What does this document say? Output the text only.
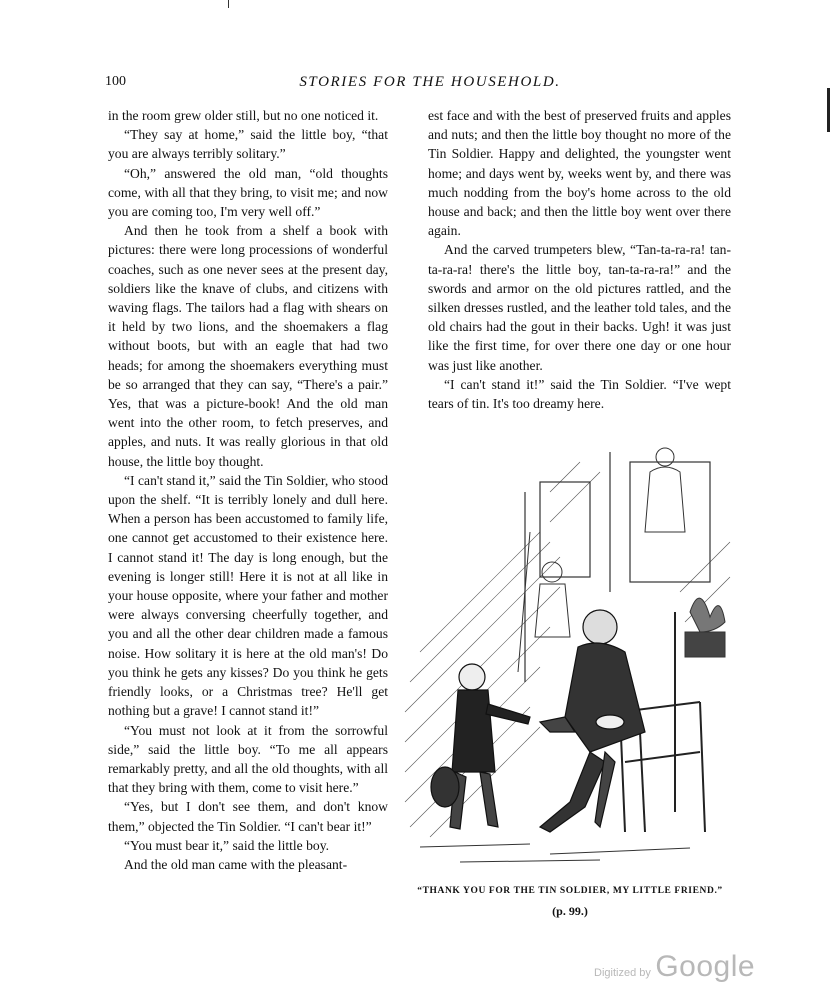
100	STORIES FOR THE HOUSEHOLD.

in the room grew older still, but no one noticed it.

“They say at home,” said the little boy, “that you are always terribly solitary.”

“Oh,” answered the old man, “old thoughts come, with all that they bring, to visit me; and now you are coming too, I'm very well off.”

And then he took from a shelf a book with pictures: there were long processions of wonderful coaches, such as one never sees at the present day, soldiers like the knave of clubs, and citizens with waving flags. The tailors had a flag with shears on it held by two lions, and the shoemakers a flag without boots, but with an eagle that had two heads; for among the shoemakers everything must be so arranged that they can say, “There's a pair.” Yes, that was a picture-book! And the old man went into the other room, to fetch preserves, and apples, and nuts. It was really glorious in that old house, the little boy thought.

“I can't stand it,” said the Tin Soldier, who stood upon the shelf. “It is terribly lonely and dull here. When a person has been accustomed to family life, one cannot get accustomed to their existence here. I cannot stand it! The day is long enough, but the evening is longer still! Here it is not at all like in your house opposite, where your father and mother were always conversing cheerfully together, and you and all the other dear children made a famous noise. How solitary it is here at the old man's! Do you think he gets any kisses? Do you think he gets friendly looks, or a Christmas tree? He'll get nothing but a grave! I cannot stand it!”

“You must not look at it from the sorrowful side,” said the little boy. “To me all appears remarkably pretty, and all the old thoughts, with all that they bring with them, come to visit here.”

“Yes, but I don't see them, and don't know them,” objected the Tin Soldier. “I can't bear it!”

“You must bear it,” said the little boy.

And the old man came with the pleasant-

est face and with the best of preserved fruits and apples and nuts; and then the little boy thought no more of the Tin Soldier. Happy and delighted, the youngster went home; and days went by, weeks went by, and there was much nodding from the boy's home across to the old house and back; and then the little boy went over there again.

And the carved trumpeters blew, “Tan-ta-ra-ra! tan-ta-ra-ra! there's the little boy, tan-ta-ra-ra!” and the swords and armor on the old pictures rattled, and the silken dresses rustled, and the leather told tales, and the old chairs had the gout in their backs. Ugh! it was just like the first time, for over there one day or one hour was just like another.

“I can't stand it!” said the Tin Soldier. “I've wept tears of tin. It's too dreamy here.

“THANK YOU FOR THE TIN SOLDIER, MY LITTLE FRIEND.”
(p. 99.)
Digitized by Google
